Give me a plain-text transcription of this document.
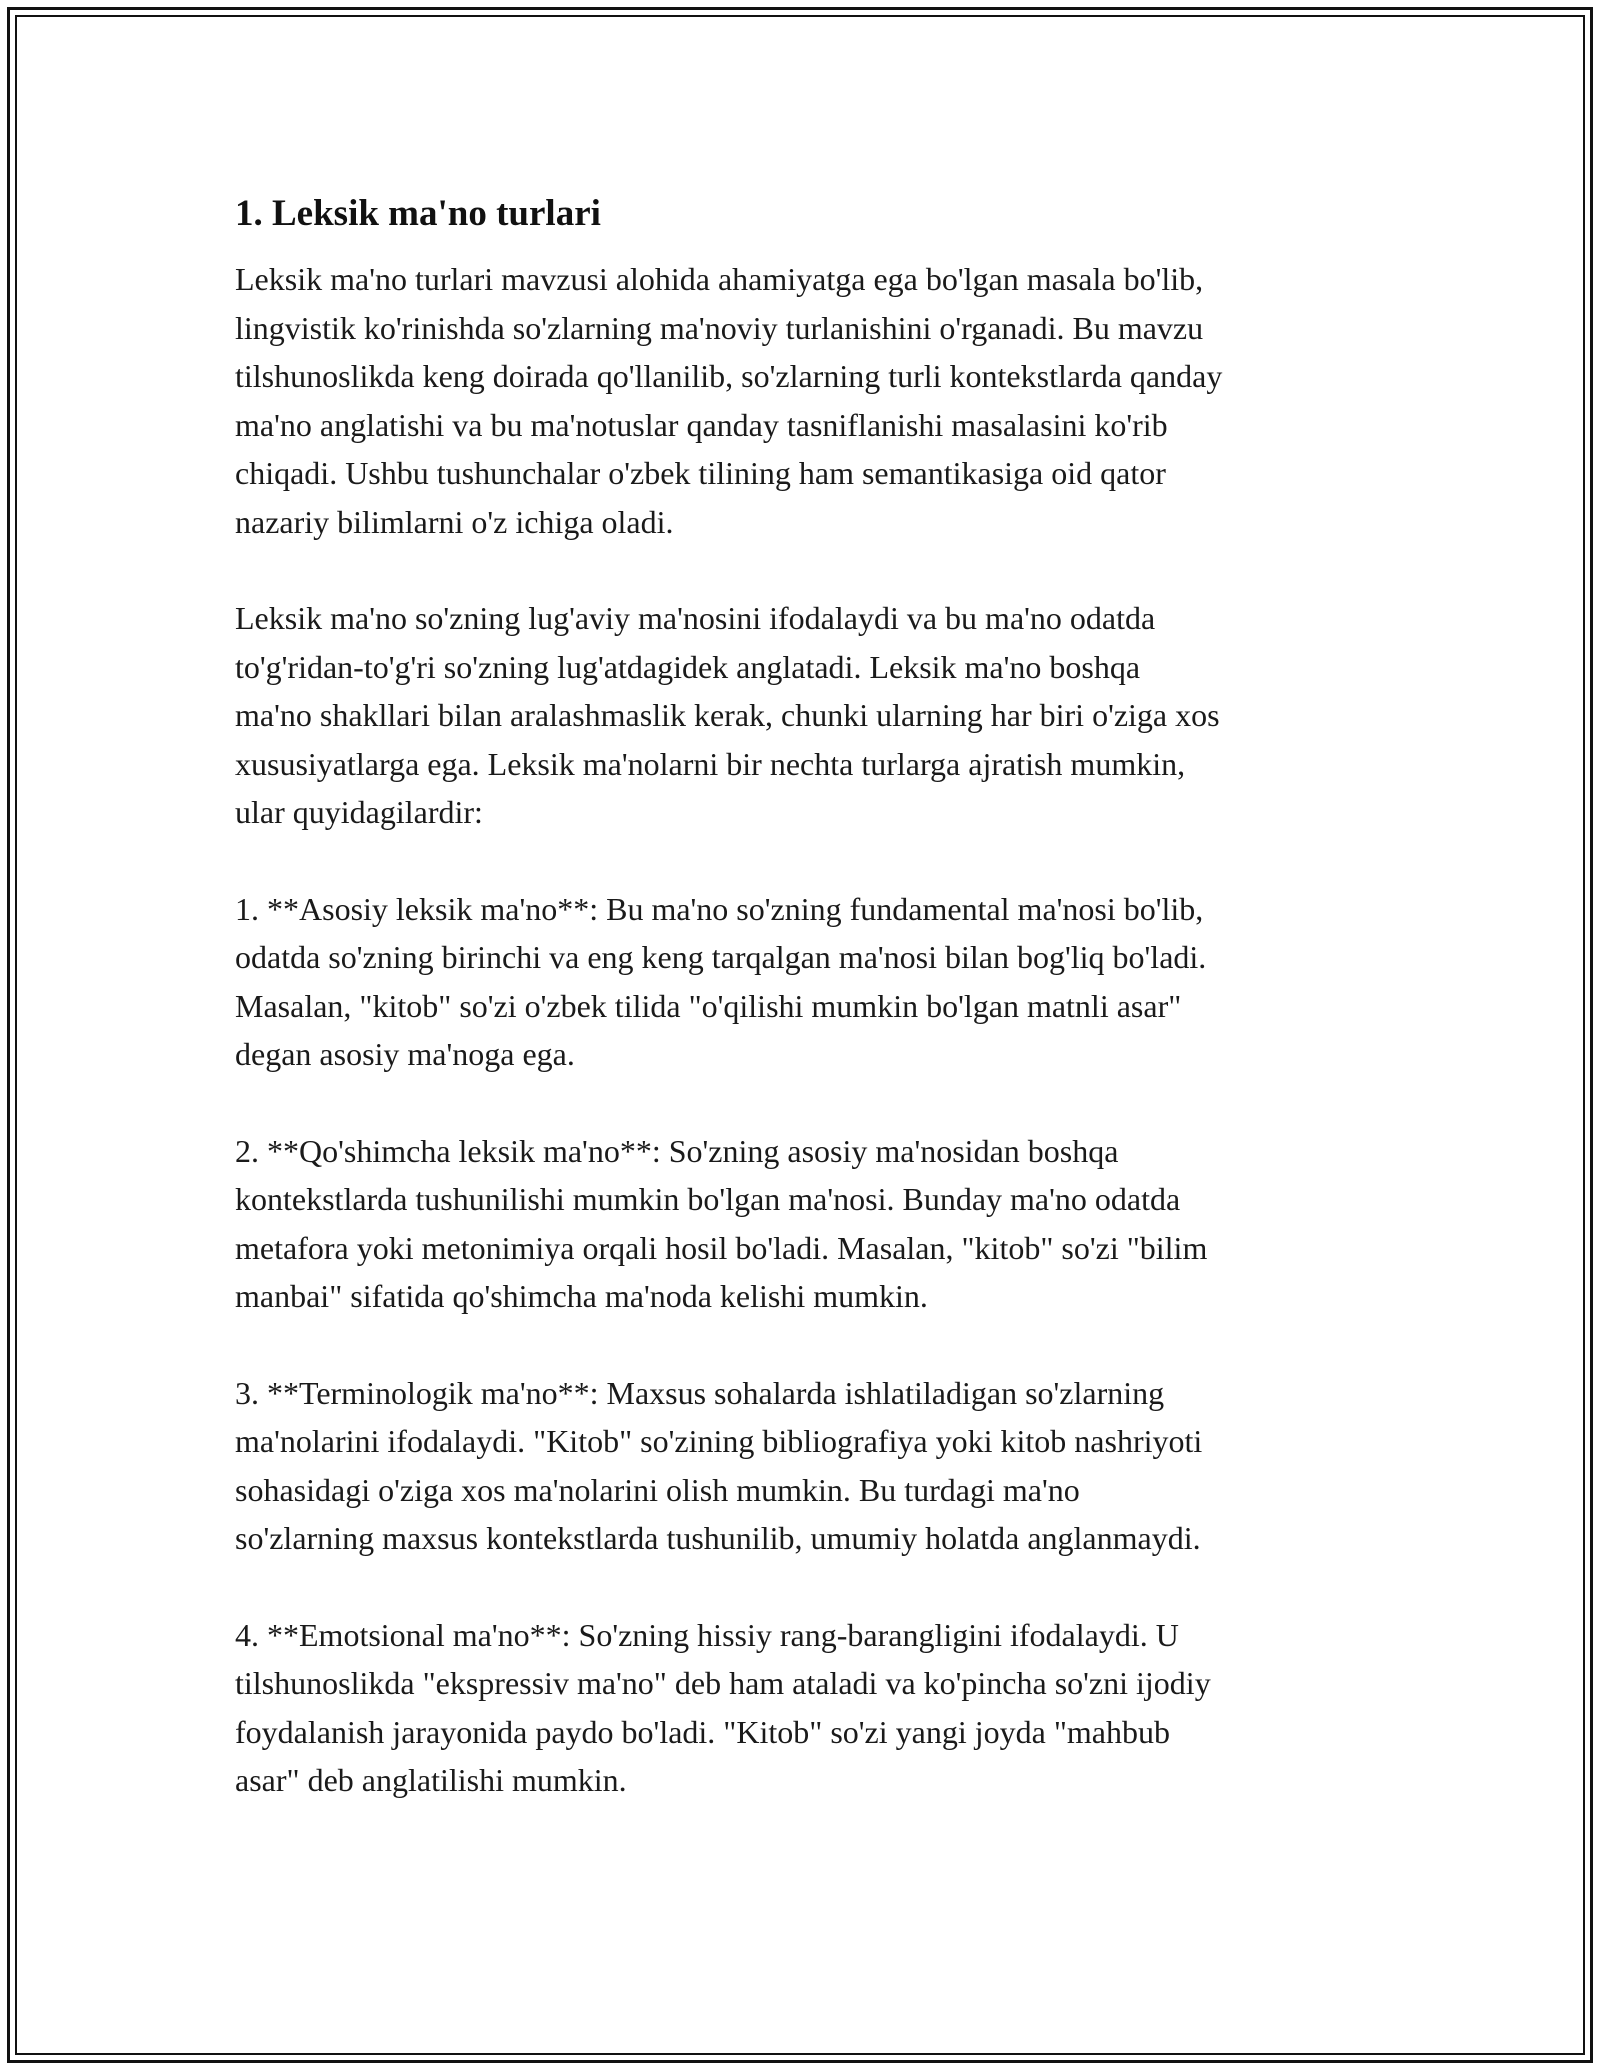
1. Leksik ma'no turlari

Leksik ma'no turlari mavzusi alohida ahamiyatga ega bo'lgan masala bo'lib,
lingvistik ko'rinishda so'zlarning ma'noviy turlanishini o'rganadi. Bu mavzu
tilshunoslikda keng doirada qo'llanilib, so'zlarning turli kontekstlarda qanday
ma'no anglatishi va bu ma'notuslar qanday tasniflanishi masalasini ko'rib
chiqadi. Ushbu tushunchalar o'zbek tilining ham semantikasiga oid qator
nazariy bilimlarni o'z ichiga oladi.

Leksik ma'no so'zning lug'aviy ma'nosini ifodalaydi va bu ma'no odatda
to'g'ridan-to'g'ri so'zning lug'atdagidek anglatadi. Leksik ma'no boshqa
ma'no shakllari bilan aralashmaslik kerak, chunki ularning har biri o'ziga xos
xususiyatlarga ega. Leksik ma'nolarni bir nechta turlarga ajratish mumkin,
ular quyidagilardir:

1. **Asosiy leksik ma'no**: Bu ma'no so'zning fundamental ma'nosi bo'lib,
odatda so'zning birinchi va eng keng tarqalgan ma'nosi bilan bog'liq bo'ladi.
Masalan, "kitob" so'zi o'zbek tilida "o'qilishi mumkin bo'lgan matnli asar"
degan asosiy ma'noga ega.

2. **Qo'shimcha leksik ma'no**: So'zning asosiy ma'nosidan boshqa
kontekstlarda tushunilishi mumkin bo'lgan ma'nosi. Bunday ma'no odatda
metafora yoki metonimiya orqali hosil bo'ladi. Masalan, "kitob" so'zi "bilim
manbai" sifatida qo'shimcha ma'noda kelishi mumkin.

3. **Terminologik ma'no**: Maxsus sohalarda ishlatiladigan so'zlarning
ma'nolarini ifodalaydi. "Kitob" so'zining bibliografiya yoki kitob nashriyoti
sohasidagi o'ziga xos ma'nolarini olish mumkin. Bu turdagi ma'no
so'zlarning maxsus kontekstlarda tushunilib, umumiy holatda anglanmaydi.

4. **Emotsional ma'no**: So'zning hissiy rang-barangligini ifodalaydi. U
tilshunoslikda "ekspressiv ma'no" deb ham ataladi va ko'pincha so'zni ijodiy
foydalanish jarayonida paydo bo'ladi. "Kitob" so'zi yangi joyda "mahbub
asar" deb anglatilishi mumkin.
